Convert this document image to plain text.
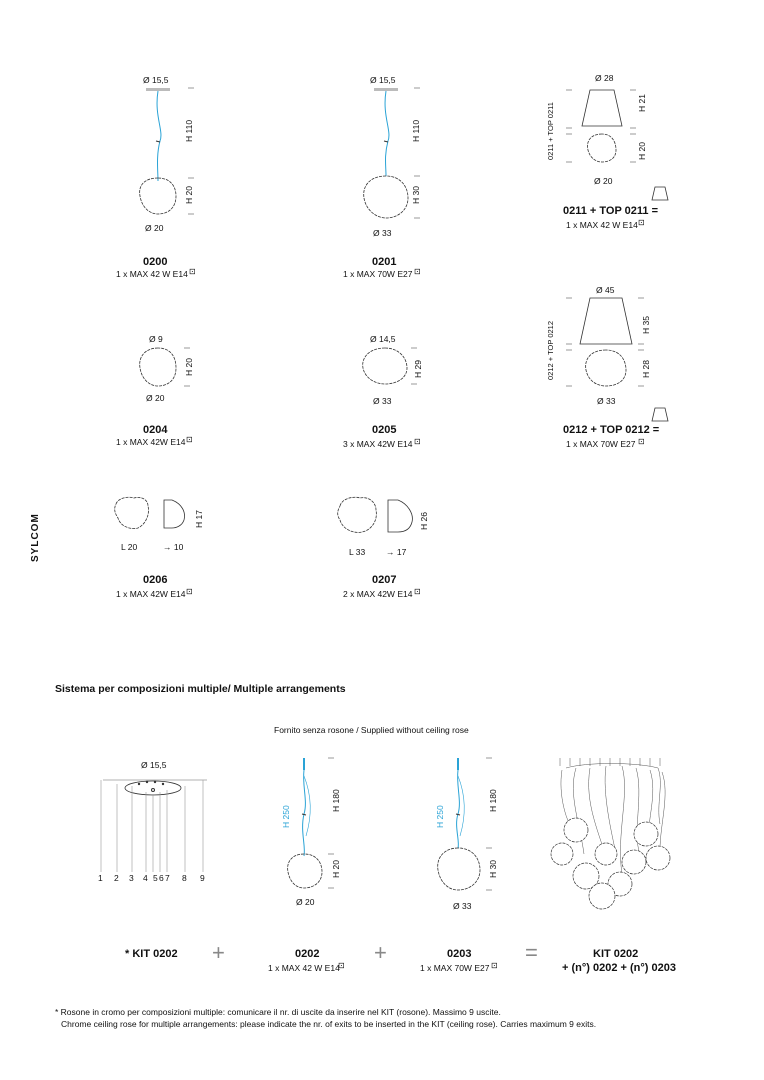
SYLCOM
Ø 15,5
H 110
H 20
Ø 20
0200
1 x MAX 42 W E14 ⊡
Ø 15,5
H 110
H 30
Ø 33
0201
1 x MAX 70W E27 ⊡
Ø 28
0211 + TOP 0211	H 21
H 20
Ø 20
0211 + TOP 0211 =
1 x MAX 42 W E14 ⊡
Ø 45
0212 + TOP 0212	H 35
H 28
Ø 33
0212 + TOP 0212 =
1 x MAX 70W E27 ⊡
Ø 9
H 20
Ø 20
0204
1 x MAX 42W E14 ⊡
Ø 14,5
H 29
Ø 33
0205
3 x MAX 42W E14 ⊡
H 17
L 20	→ 10
0206
1 x MAX 42W E14 ⊡
H 26
L 33 → 17
0207
2 x MAX 42W E14 ⊡
Sistema per composizioni multiple/ Multiple arrangements
Fornito senza rosone / Supplied without ceiling rose
Ø 15,5
1 2 3 4 5 6 7 8 9
H 250
H 180
H 20
Ø 20
H 250
H 180
H 30
Ø 33
* KIT 0202 +	0202
1 x MAX 42 W E14
⊡
+	0203
1 x MAX 70W E27 ⊡
=	KIT 0202
+ (n°) 0202 + (n°) 0203
* Rosone in cromo per composizioni multiple: comunicare il nr. di uscite da inserire nel KIT (rosone). Massimo 9 uscite.
Chrome ceiling rose for multiple arrangements: please indicate the nr. of exits to be inserted in the KIT (ceiling rose). Carries maximum 9 exits.
